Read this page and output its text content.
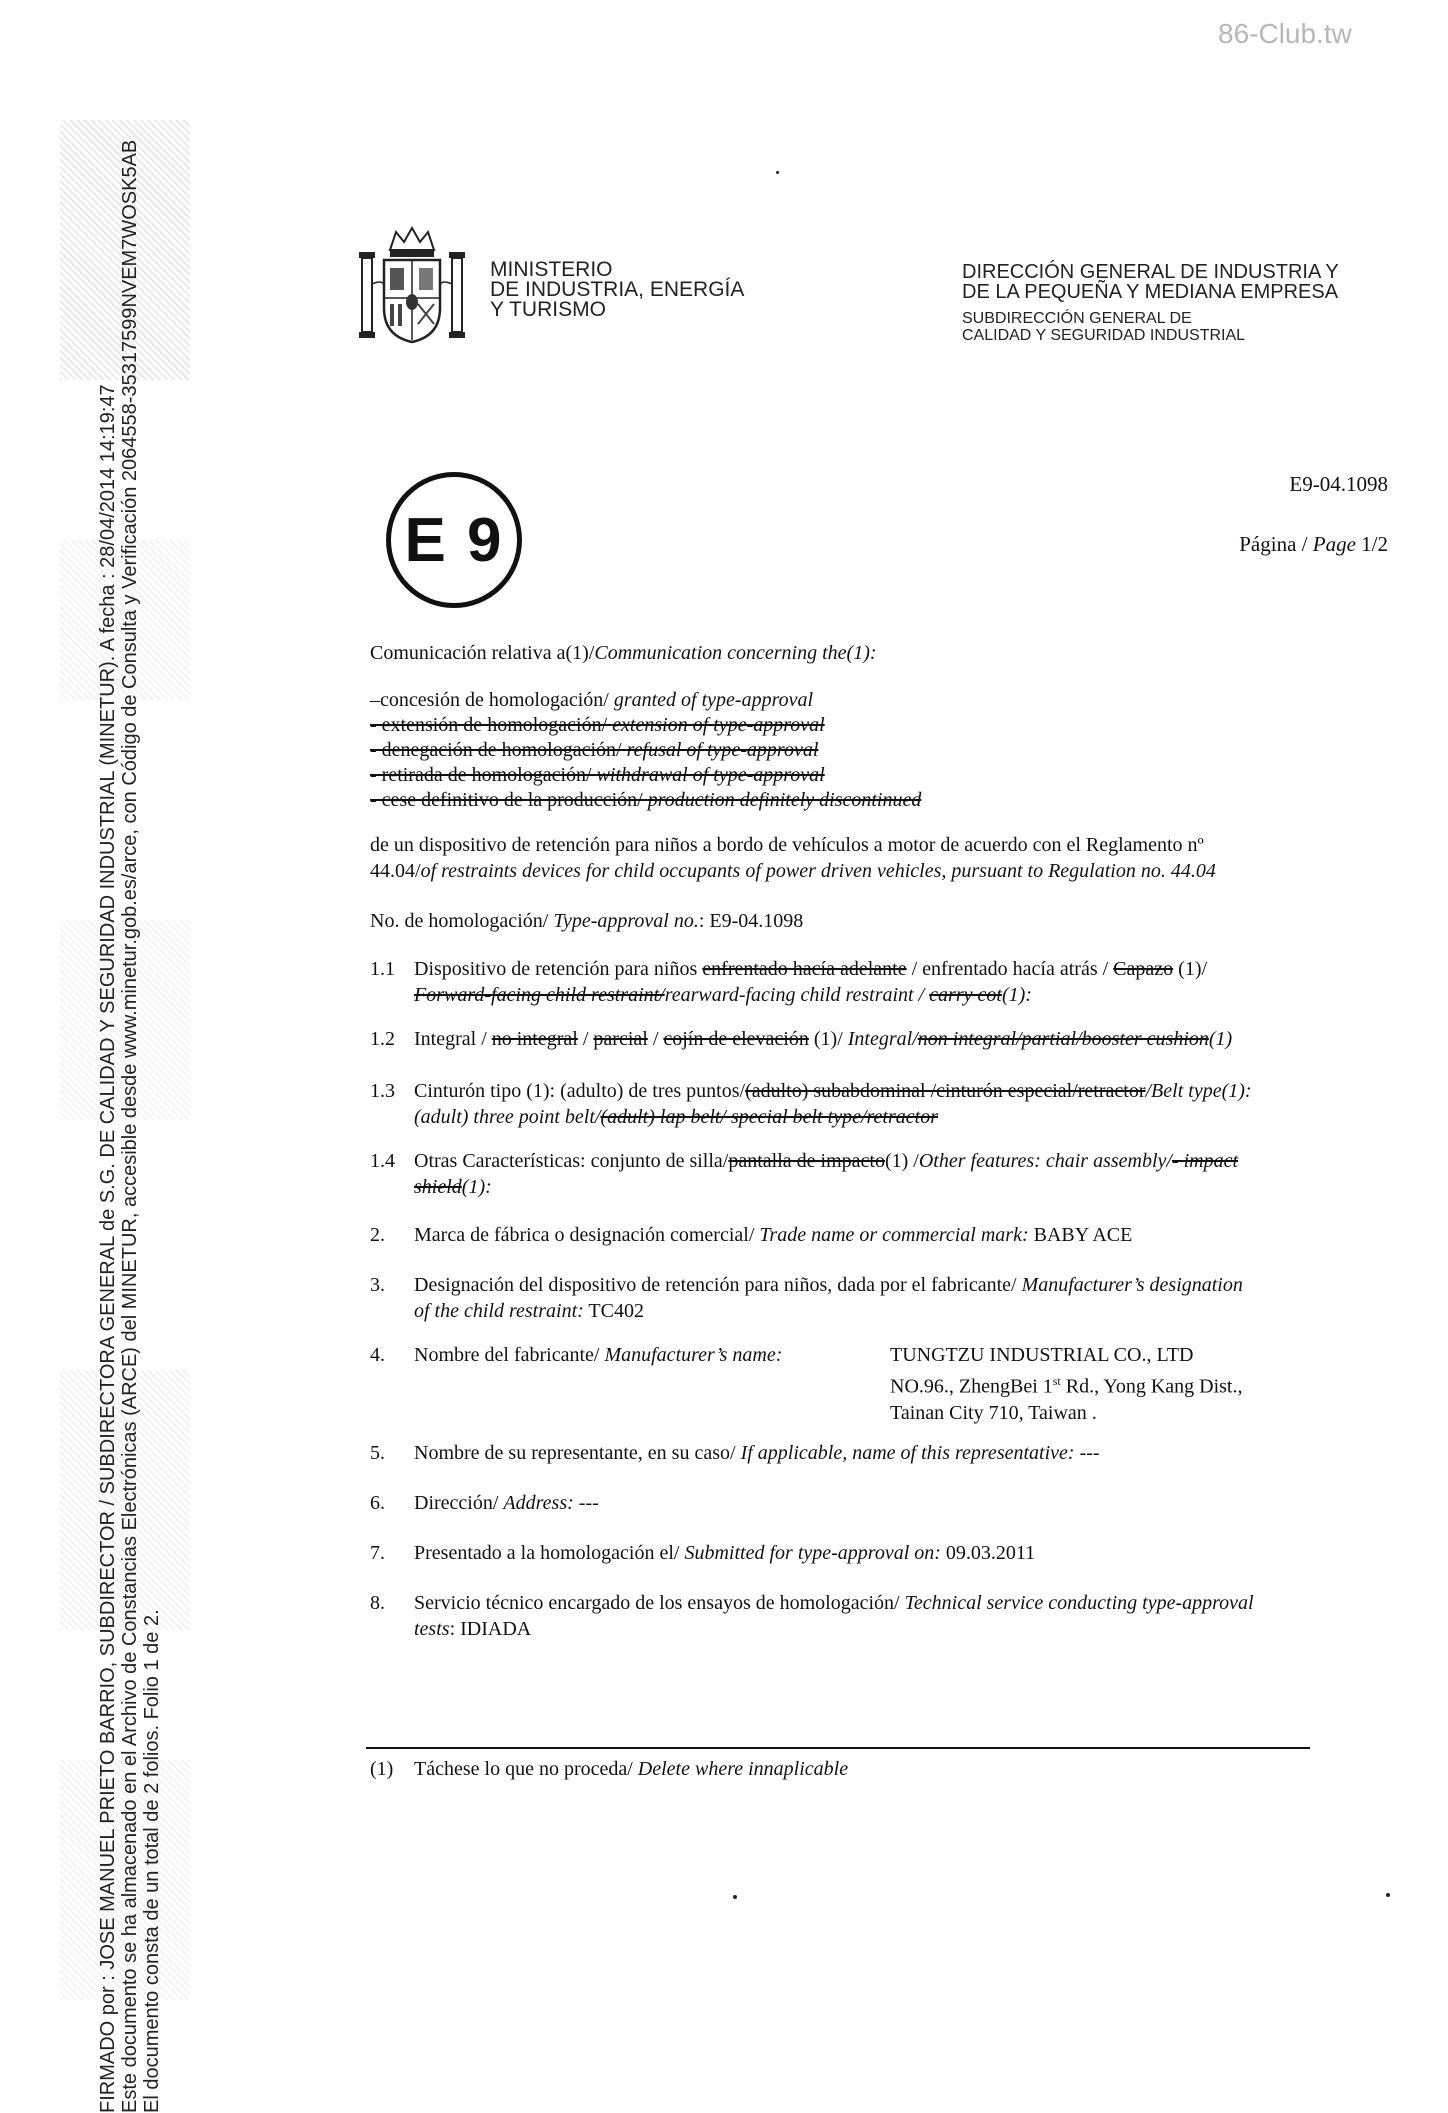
86-Club.tw
FIRMADO por : JOSE MANUEL PRIETO BARRIO, SUBDIRECTOR / SUBDIRECTORA GENERAL de S.G. DE CALIDAD Y SEGURIDAD INDUSTRIAL (MINETUR). A fecha : 28/04/2014 14:19:47 Este documento se ha almacenado en el Archivo de Constancias Electrónicas (ARCE) del MINETUR, accesible desde www.minetur.gob.es/arce, con Código de Consulta y Verificación 2064558-35317599NVEM7WOSK5AB El documento consta de un total de 2 folios. Folio 1 de 2.
MINISTERIO
DE INDUSTRIA, ENERGÍA
Y TURISMO
DIRECCIÓN GENERAL DE INDUSTRIA Y
DE LA PEQUEÑA Y MEDIANA EMPRESA
SUBDIRECCIÓN GENERAL DE
CALIDAD Y SEGURIDAD INDUSTRIAL
E 9
E9-04.1098
Página / Page 1/2
Comunicación relativa a(1)/Communication concerning the(1):
–concesión de homologación/ granted of type-approval
- extensión de homologación/ extension of type-approval
- denegación de homologación/ refusal of type-approval
- retirada de homologación/ withdrawal of type-approval
- cese definitivo de la producción/ production definitely discontinued
de un dispositivo de retención para niños a bordo de vehículos a motor de acuerdo con el Reglamento nº
44.04/of restraints devices for child occupants of power driven vehicles, pursuant to Regulation no. 44.04
No. de homologación/ Type-approval no.: E9-04.1098
1.1 Dispositivo de retención para niños enfrentado hacía adelante / enfrentado hacía atrás / Capazo (1)/
Forward-facing child restraint/rearward-facing child restraint / carry cot(1):
1.2 Integral / no integral / parcial / cojín de elevación (1)/ Integral/non integral/partial/booster cushion(1)
1.3 Cinturón tipo (1): (adulto) de tres puntos/(adulto) subabdominal /cinturón especial/retractor/Belt type(1):
(adult) three point belt/(adult) lap belt/ special belt type/retractor
1.4 Otras Características: conjunto de silla/pantalla de impacto(1) /Other features: chair assembly/- impact shield(1):
2.	Marca de fábrica o designación comercial/ Trade name or commercial mark: BABY ACE
3.	Designación del dispositivo de retención para niños, dada por el fabricante/ Manufacturer’s designation
of the child restraint: TC402
4.	Nombre del fabricante/ Manufacturer’s name:	TUNGTZU INDUSTRIAL CO., LTD
NO.96., ZhengBei 1st Rd., Yong Kang Dist.,
Tainan City 710, Taiwan .
5.	Nombre de su representante, en su caso/ If applicable, name of this representative: ---
6.	Dirección/ Address: ---
7.	Presentado a la homologación el/ Submitted for type-approval on: 09.03.2011
8.	Servicio técnico encargado de los ensayos de homologación/ Technical service conducting type-approval
tests: IDIADA
(1) Táchese lo que no proceda/ Delete where innaplicable
